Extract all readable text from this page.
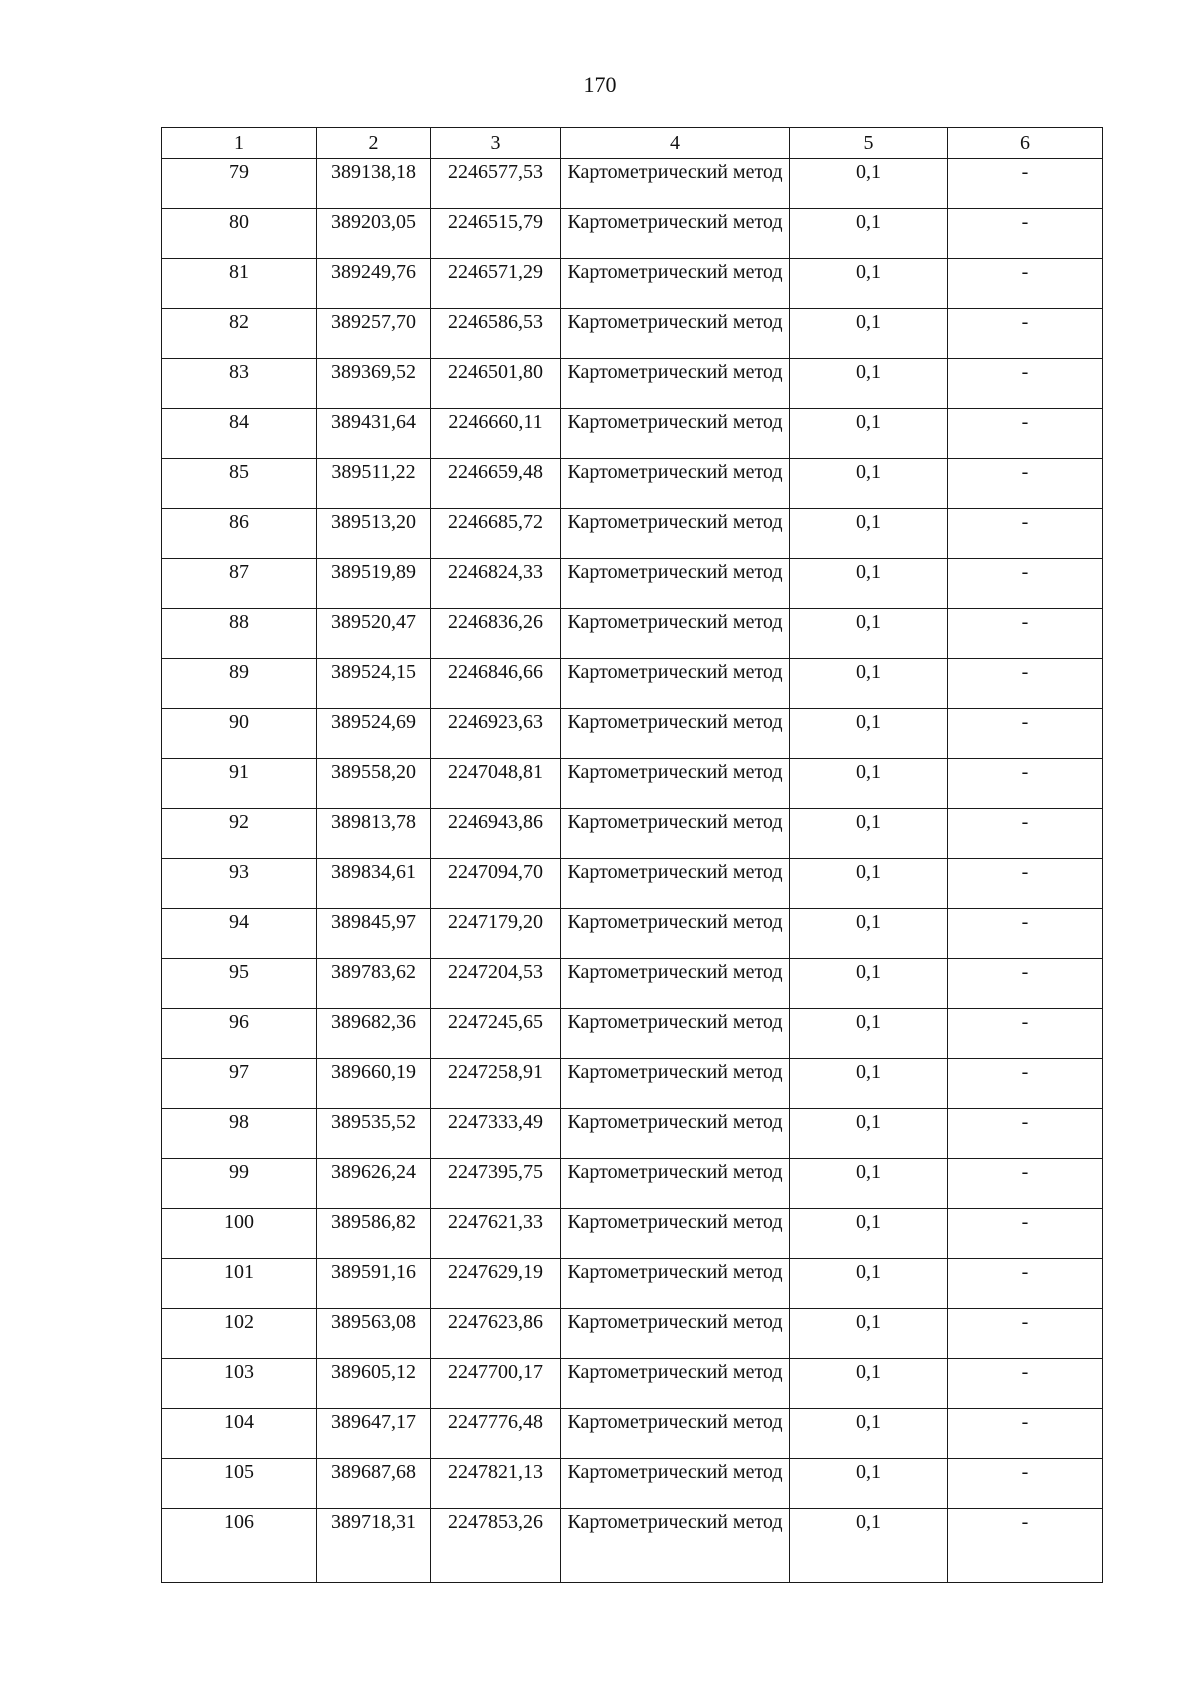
170
1	2	3	4	5	6
79	389138,18	2246577,53	Картометрический метод	0,1	-
80	389203,05	2246515,79	Картометрический метод	0,1	-
81	389249,76	2246571,29	Картометрический метод	0,1	-
82	389257,70	2246586,53	Картометрический метод	0,1	-
83	389369,52	2246501,80	Картометрический метод	0,1	-
84	389431,64	2246660,11	Картометрический метод	0,1	-
85	389511,22	2246659,48	Картометрический метод	0,1	-
86	389513,20	2246685,72	Картометрический метод	0,1	-
87	389519,89	2246824,33	Картометрический метод	0,1	-
88	389520,47	2246836,26	Картометрический метод	0,1	-
89	389524,15	2246846,66	Картометрический метод	0,1	-
90	389524,69	2246923,63	Картометрический метод	0,1	-
91	389558,20	2247048,81	Картометрический метод	0,1	-
92	389813,78	2246943,86	Картометрический метод	0,1	-
93	389834,61	2247094,70	Картометрический метод	0,1	-
94	389845,97	2247179,20	Картометрический метод	0,1	-
95	389783,62	2247204,53	Картометрический метод	0,1	-
96	389682,36	2247245,65	Картометрический метод	0,1	-
97	389660,19	2247258,91	Картометрический метод	0,1	-
98	389535,52	2247333,49	Картометрический метод	0,1	-
99	389626,24	2247395,75	Картометрический метод	0,1	-
100	389586,82	2247621,33	Картометрический метод	0,1	-
101	389591,16	2247629,19	Картометрический метод	0,1	-
102	389563,08	2247623,86	Картометрический метод	0,1	-
103	389605,12	2247700,17	Картометрический метод	0,1	-
104	389647,17	2247776,48	Картометрический метод	0,1	-
105	389687,68	2247821,13	Картометрический метод	0,1	-
106	389718,31	2247853,26	Картометрический метод	0,1	-
